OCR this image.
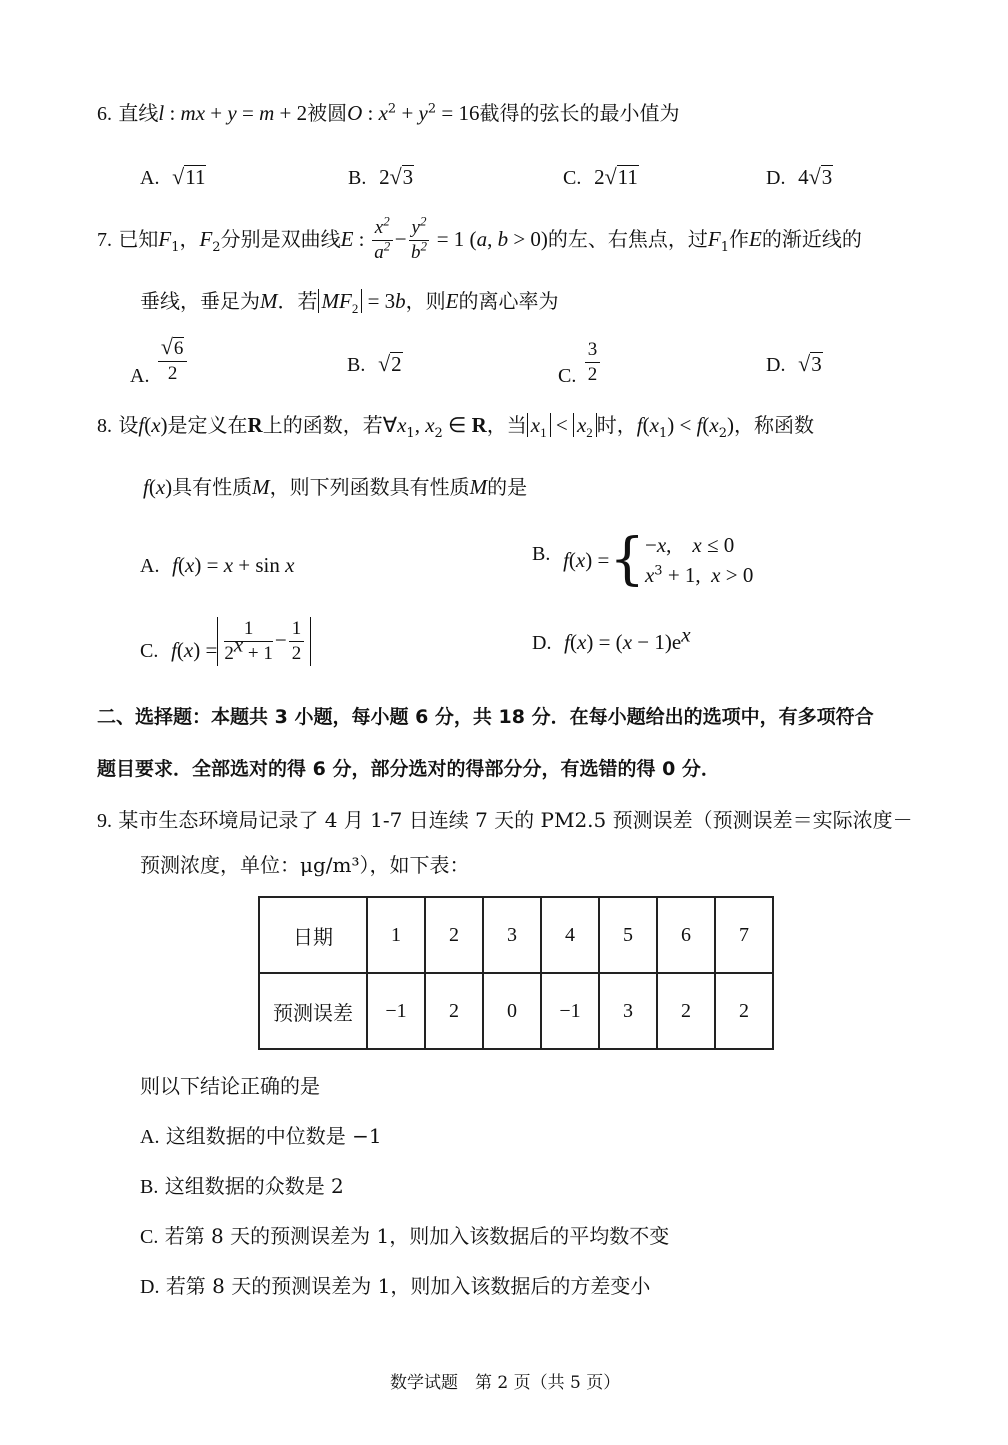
6. 直线l : mx + y = m + 2被圆O : $x^2 + y^2 = 16$截得的弦长的最小值为
A. √11	B. 2√3	C. 2√11	D. 4√3
7. 已知$F_1$，$F_2$分别是双曲线E : $\frac{x^2}{a^2} - \frac{y^2}{b^2} = 1$ (a, b > 0)的左、右焦点，过$F_1$作E的渐近线的
垂线，垂足为M．若 $MF_2 = 3b$，则E的离心率为
A. $\frac{√6}{2}$	B. √2	C. $\frac{3}{2}$	D. √3
8. 设f(x)是定义在R上的函数，若$\forall x_1$, $x_2$ ∈ R，当 $x_1 < x_2$ 时，$f(x_1) < f(x_2)$，称函数
f(x)具有性质M，则下列函数具有性质M的是
A. f(x) = x + sin x	B. f(x) ={ −x,    x ≤ 0
$x^3 + 1$,  x > 0
C. $f(x) = \frac{1}{2^x + 1} - \frac{1}{2}$	D. $f(x) = (x - 1)e^x$
二、选择题：本题共 3 小题，每小题 6 分，共 18 分．在每小题给出的选项中，有多项符合
题目要求．全部选对的得 6 分，部分选对的得部分分，有选错的得 0 分．
9. 某市生态环境局记录了 4 月 1-7 日连续 7 天的 PM2.5 预测误差（预测误差＝实际浓度－
预测浓度，单位：μg/m³），如下表：
日期	1	2	3	4	5	6	7
预测误差	−1	2	0	−1	3	2	2
则以下结论正确的是
A. 这组数据的中位数是 −1
B. 这组数据的众数是 2
C. 若第 8 天的预测误差为 1，则加入该数据后的平均数不变
D. 若第 8 天的预测误差为 1，则加入该数据后的方差变小
数学试题　第 2 页（共 5 页）
